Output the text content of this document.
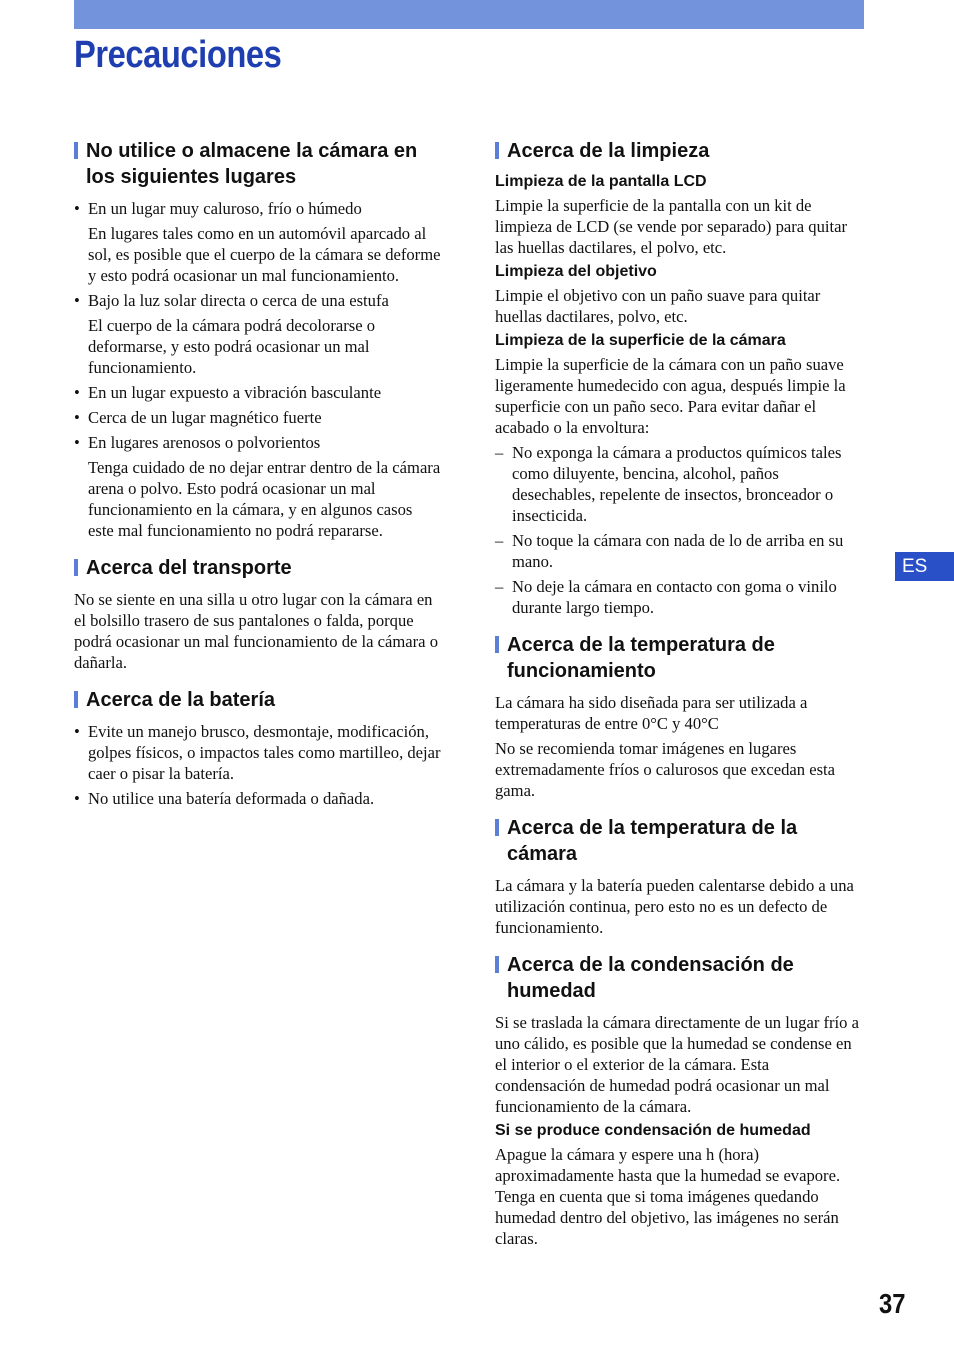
Precauciones
No utilice o almacene la cámara en los siguientes lugares
• En un lugar muy caluroso, frío o húmedo
En lugares tales como en un automóvil aparcado al sol, es posible que el cuerpo de la cámara se deforme y esto podrá ocasionar un mal funcionamiento.
• Bajo la luz solar directa o cerca de una estufa
El cuerpo de la cámara podrá decolorarse o deformarse, y esto podrá ocasionar un mal funcionamiento.
• En un lugar expuesto a vibración basculante
• Cerca de un lugar magnético fuerte
• En lugares arenosos o polvorientos
Tenga cuidado de no dejar entrar dentro de la cámara arena o polvo. Esto podrá ocasionar un mal funcionamiento en la cámara, y en algunos casos este mal funcionamiento no podrá repararse.
Acerca del transporte

No se siente en una silla u otro lugar con la cámara en el bolsillo trasero de sus pantalones o falda, porque podrá ocasionar un mal funcionamiento de la cámara o dañarla.

Acerca de la batería
• Evite un manejo brusco, desmontaje, modificación, golpes físicos, o impactos tales como martilleo, dejar caer o pisar la batería.
• No utilice una batería deformada o dañada.
Acerca de la limpieza
Limpieza de la pantalla LCD

Limpie la superficie de la pantalla con un kit de limpieza de LCD (se vende por separado) para quitar las huellas dactilares, el polvo, etc.

Limpieza del objetivo

Limpie el objetivo con un paño suave para quitar huellas dactilares, polvo, etc.

Limpieza de la superficie de la cámara

Limpie la superficie de la cámara con un paño suave ligeramente humedecido con agua, después limpie la superficie con un paño seco. Para evitar dañar el acabado o la envoltura:

– No exponga la cámara a productos químicos tales como diluyente, bencina, alcohol, paños desechables, repelente de insectos, bronceador o insecticida.
– No toque la cámara con nada de lo de arriba en su mano.
– No deje la cámara en contacto con goma o vinilo durante largo tiempo.
Acerca de la temperatura de funcionamiento

La cámara ha sido diseñada para ser utilizada a temperaturas de entre 0°C y 40°C

No se recomienda tomar imágenes en lugares extremadamente fríos o calurosos que excedan esta gama.

Acerca de la temperatura de la cámara

La cámara y la batería pueden calentarse debido a una utilización continua, pero esto no es un defecto de funcionamiento.

Acerca de la condensación de humedad

Si se traslada la cámara directamente de un lugar frío a uno cálido, es posible que la humedad se condense en el interior o el exterior de la cámara. Esta condensación de humedad podrá ocasionar un mal funcionamiento de la cámara.

Si se produce condensación de humedad

Apague la cámara y espere una h (hora) aproximadamente hasta que la humedad se evapore. Tenga en cuenta que si toma imágenes quedando humedad dentro del objetivo, las imágenes no serán claras.

ES
37
